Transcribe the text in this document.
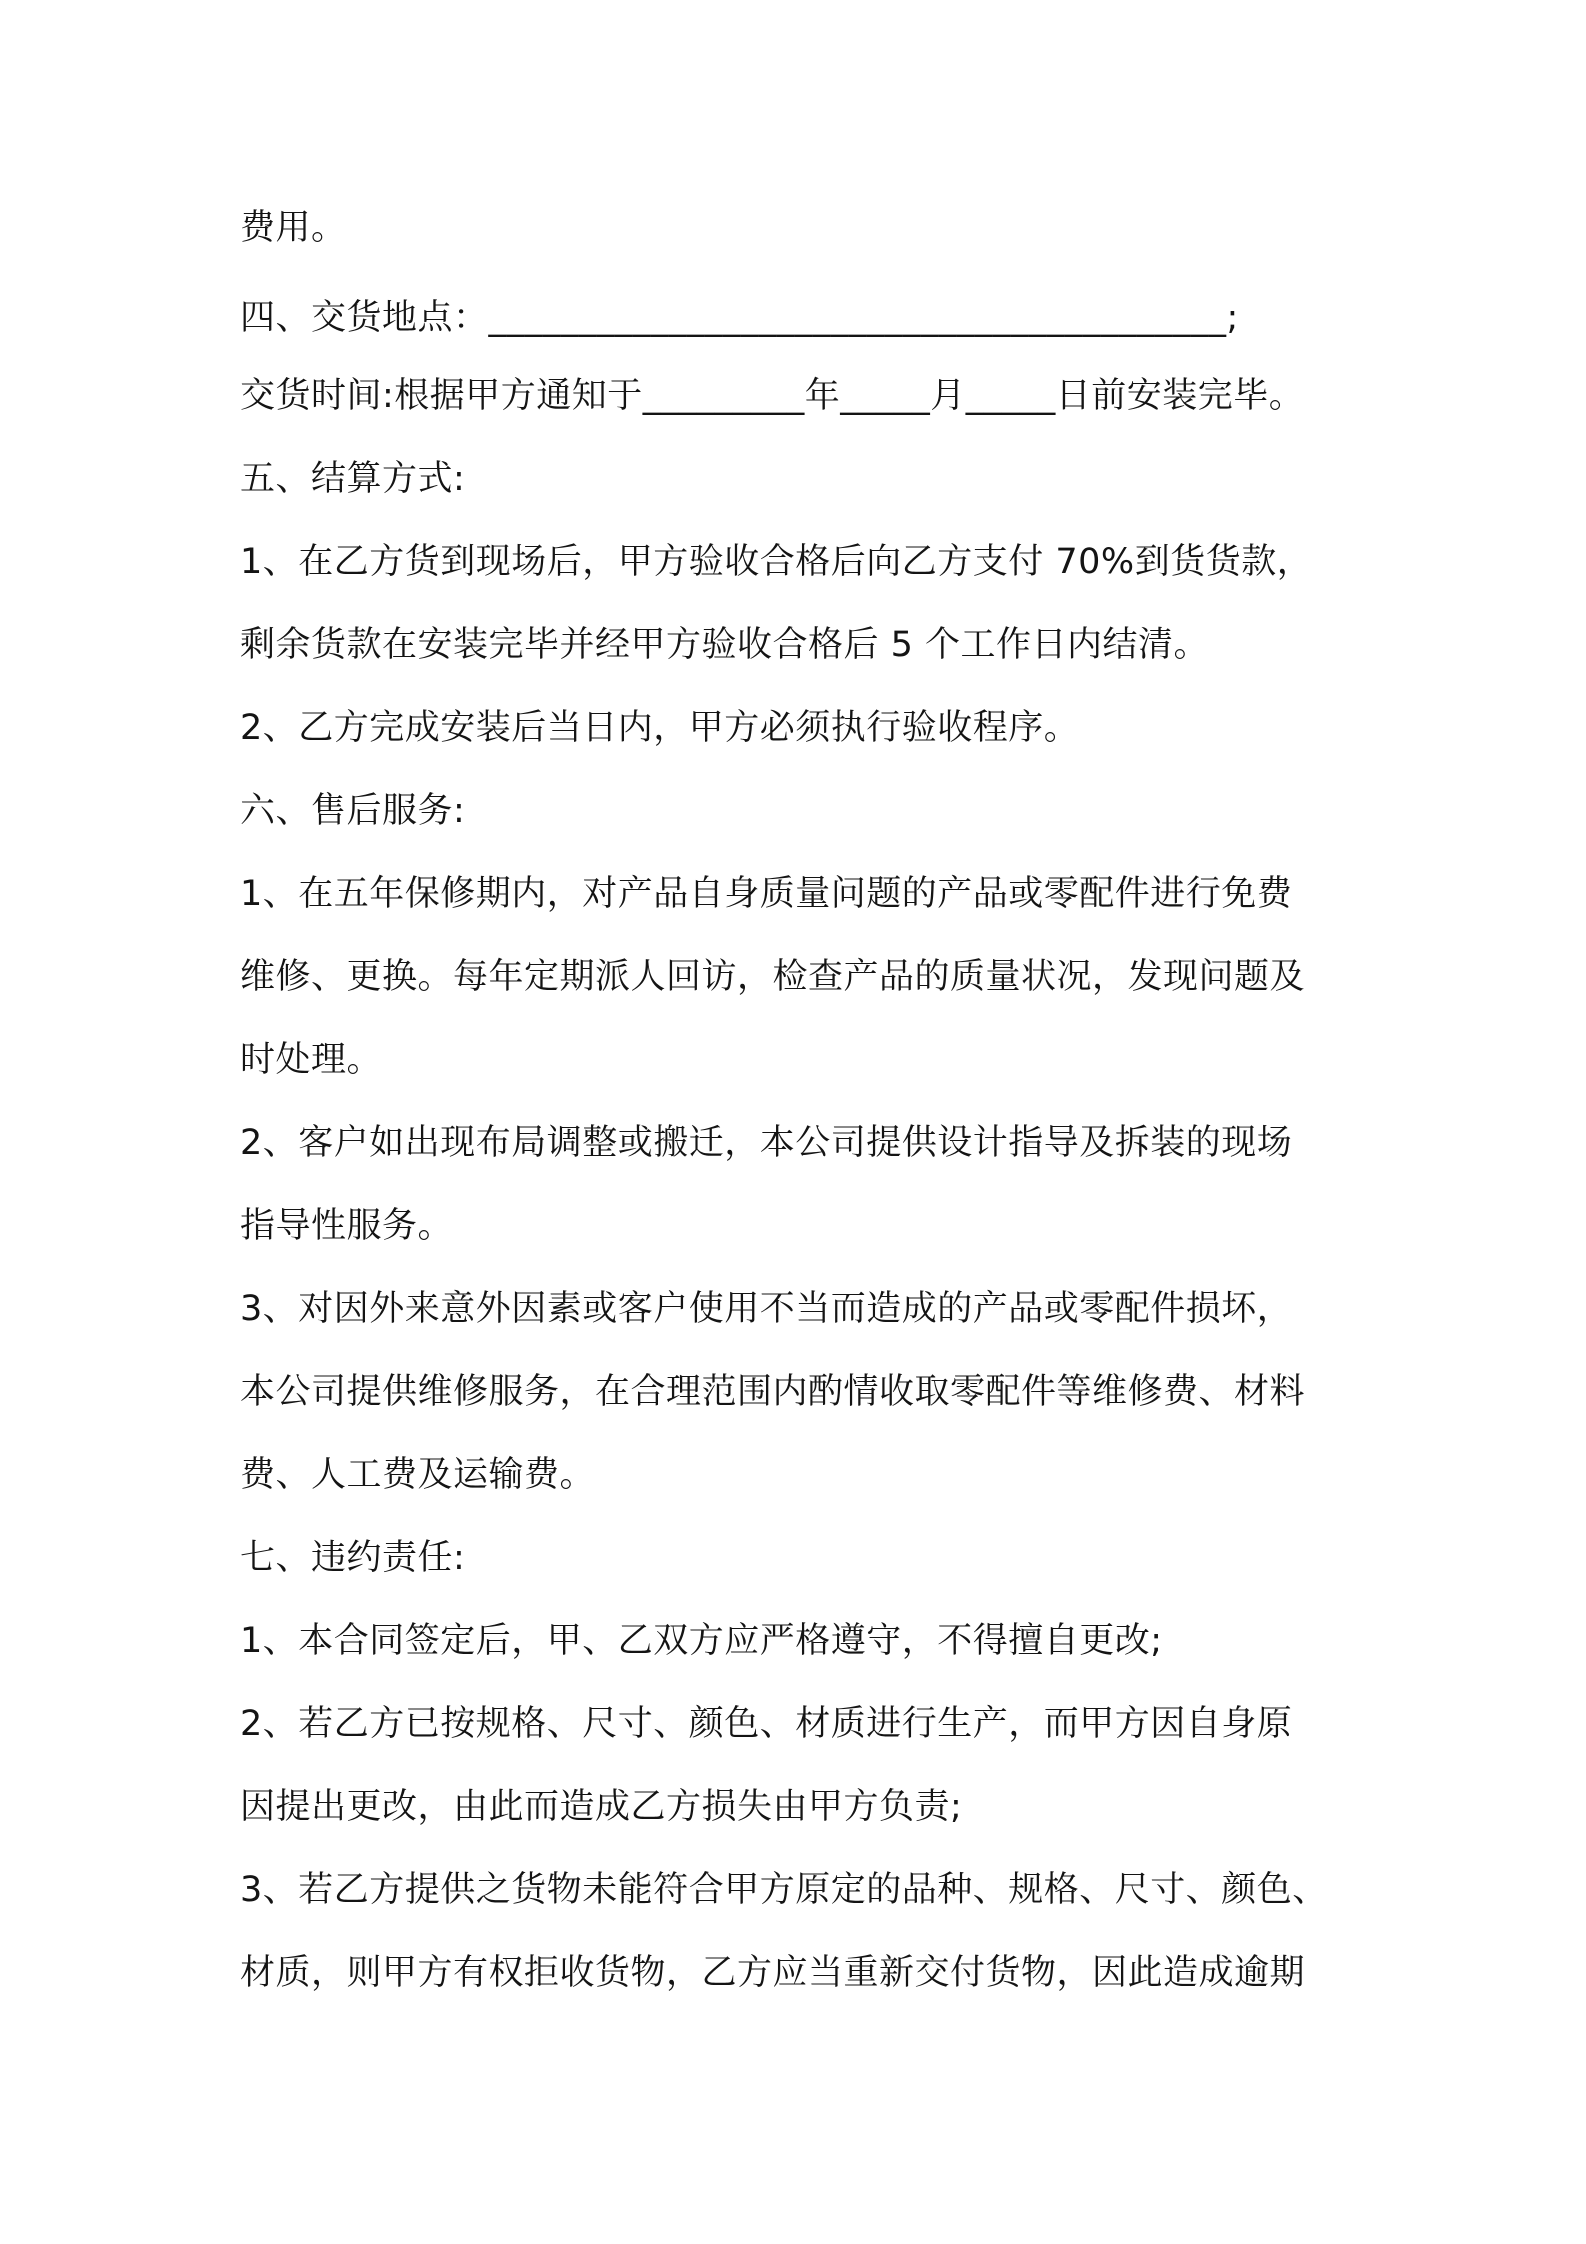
费用。
四、交货地点：_________________________________________;
交货时间:根据甲方通知于_________年_____月_____日前安装完毕。
五、结算方式:
1、在乙方货到现场后，甲方验收合格后向乙方支付 70%到货货款，
剩余货款在安装完毕并经甲方验收合格后 5 个工作日内结清。
2、乙方完成安装后当日内，甲方必须执行验收程序。
六、售后服务:
1、在五年保修期内，对产品自身质量问题的产品或零配件进行免费
维修、更换。每年定期派人回访，检查产品的质量状况，发现问题及
时处理。
2、客户如出现布局调整或搬迁，本公司提供设计指导及拆装的现场
指导性服务。
3、对因外来意外因素或客户使用不当而造成的产品或零配件损坏，
本公司提供维修服务，在合理范围内酌情收取零配件等维修费、材料
费、人工费及运输费。
七、违约责任:
1、本合同签定后，甲、乙双方应严格遵守，不得擅自更改;
2、若乙方已按规格、尺寸、颜色、材质进行生产，而甲方因自身原
因提出更改，由此而造成乙方损失由甲方负责;
3、若乙方提供之货物未能符合甲方原定的品种、规格、尺寸、颜色、
材质，则甲方有权拒收货物，乙方应当重新交付货物，因此造成逾期
